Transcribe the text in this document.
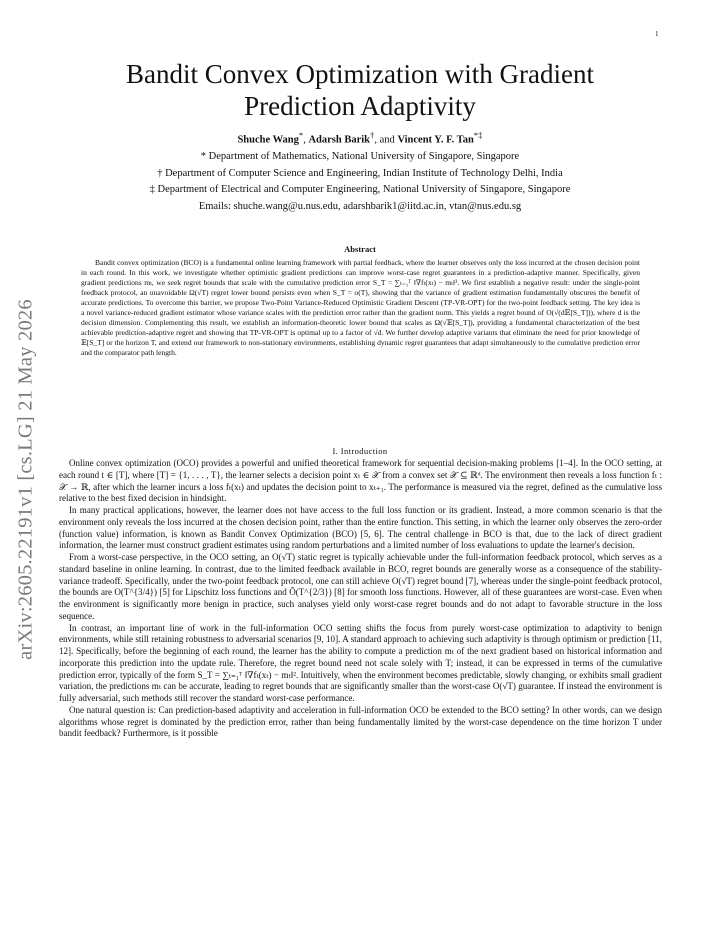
1
arXiv:2605.22191v1 [cs.LG] 21 May 2026
Bandit Convex Optimization with Gradient Prediction Adaptivity
Shuche Wang*, Adarsh Barik†, and Vincent Y. F. Tan*‡
* Department of Mathematics, National University of Singapore, Singapore
† Department of Computer Science and Engineering, Indian Institute of Technology Delhi, India
‡ Department of Electrical and Computer Engineering, National University of Singapore, Singapore
Emails: shuche.wang@u.nus.edu, adarshbarik1@iitd.ac.in, vtan@nus.edu.sg
Abstract
Bandit convex optimization (BCO) is a fundamental online learning framework with partial feedback, where the learner observes only the loss incurred at the chosen decision point in each round. In this work, we investigate whether optimistic gradient predictions can improve worst-case regret guarantees in a prediction-adaptive manner. Specifically, given gradient predictions mₜ, we seek regret bounds that scale with the cumulative prediction error S_T = ∑ₜ₌₁ᵀ ‖∇fₜ(xₜ) − mₜ‖². We first establish a negative result: under the single-point feedback protocol, an unavoidable Ω(√T) regret lower bound persists even when S_T = o(T), showing that the variance of gradient estimation fundamentally obscures the benefit of accurate predictions. To overcome this barrier, we propose Two-Point Variance-Reduced Optimistic Gradient Descent (TP-VR-OPT) for the two-point feedback setting. The key idea is a novel variance-reduced gradient estimator whose variance scales with the prediction error rather than the gradient norm. This yields a regret bound of O(√(d𝔼[S_T])), where d is the decision dimension. Complementing this result, we establish an information-theoretic lower bound that scales as Ω(√𝔼[S_T]), providing a fundamental characterization of the best achievable prediction-adaptive regret and showing that TP-VR-OPT is optimal up to a factor of √d. We further develop adaptive variants that eliminate the need for prior knowledge of 𝔼[S_T] or the horizon T, and extend our framework to non-stationary environments, establishing dynamic regret guarantees that adapt simultaneously to the cumulative prediction error and the comparator path length.
I. Introduction

Online convex optimization (OCO) provides a powerful and unified theoretical framework for sequential decision-making problems [1–4]. In the OCO setting, at each round t ∈ [T], where [T] = {1, . . . , T}, the learner selects a decision point xₜ ∈ 𝒳 from a convex set 𝒳 ⊆ ℝᵈ. The environment then reveals a loss function fₜ : 𝒳 → ℝ, after which the learner incurs a loss fₜ(xₜ) and updates the decision point to xₜ₊₁. The performance is measured via the regret, defined as the cumulative loss relative to the best fixed decision in hindsight.

In many practical applications, however, the learner does not have access to the full loss function or its gradient. Instead, a more common scenario is that the environment only reveals the loss incurred at the chosen decision point, rather than the entire function. This setting, in which the learner only observes the zero-order (function value) information, is known as Bandit Convex Optimization (BCO) [5, 6]. The central challenge in BCO is that, due to the lack of direct gradient information, the learner must construct gradient estimates using random perturbations and a limited number of loss evaluations to update the learner's decision.

From a worst-case perspective, in the OCO setting, an O(√T) static regret is typically achievable under the full-information feedback protocol, which serves as a standard baseline in online learning. In contrast, due to the limited feedback available in BCO, regret bounds are generally worse as a consequence of the stability-variance tradeoff. Specifically, under the two-point feedback protocol, one can still achieve O(√T) regret bound [7], whereas under the single-point feedback protocol, the bounds are O(T^{3/4}) [5] for Lipschitz loss functions and Õ(T^{2/3}) [8] for smooth loss functions. However, all of these guarantees are worst-case. Even when the environment is significantly more benign in practice, such analyses yield only worst-case regret bounds and do not adapt to favorable structure in the loss sequence.

In contrast, an important line of work in the full-information OCO setting shifts the focus from purely worst-case optimization to adaptivity to benign environments, while still retaining robustness to adversarial scenarios [9, 10]. A standard approach to achieving such adaptivity is through optimism or prediction [11, 12]. Specifically, before the beginning of each round, the learner has the ability to compute a prediction mₜ of the next gradient based on historical information and incorporate this prediction into the update rule. Therefore, the regret bound need not scale solely with T; instead, it can be expressed in terms of the cumulative prediction error, typically of the form S_T = ∑ₜ₌₁ᵀ ‖∇fₜ(xₜ) − mₜ‖². Intuitively, when the environment becomes predictable, slowly changing, or exhibits small gradient variation, the predictions mₜ can be accurate, leading to regret bounds that are significantly smaller than the worst-case O(√T) guarantee. If instead the environment is fully adversarial, such methods still recover the standard worst-case performance.

One natural question is: Can prediction-based adaptivity and acceleration in full-information OCO be extended to the BCO setting? In other words, can we design algorithms whose regret is dominated by the prediction error, rather than being fundamentally limited by the worst-case dependence on the time horizon T under bandit feedback? Furthermore, is it possible
